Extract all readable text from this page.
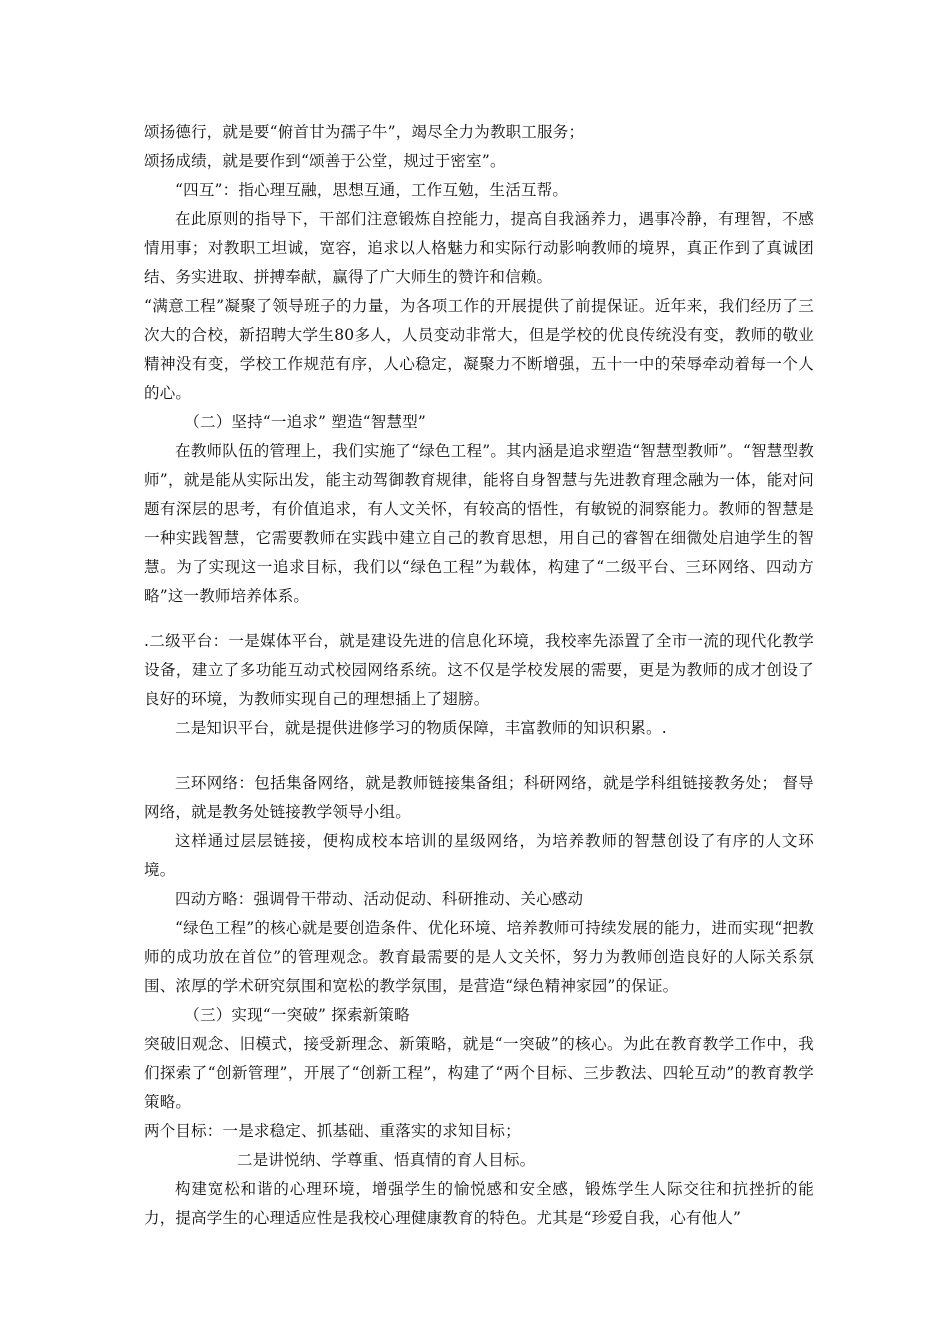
颂扬德行，就是要“俯首甘为孺子牛”，竭尽全力为教职工服务；

颂扬成绩，就是要作到“颂善于公堂，规过于密室”。

“四互”：指心理互融，思想互通，工作互勉，生活互帮。

在此原则的指导下，干部们注意锻炼自控能力，提高自我涵养力，遇事冷静，有理智，不感情用事；对教职工坦诚，宽容，追求以人格魅力和实际行动影响教师的境界，真正作到了真诚团结、务实进取、拼搏奉献，赢得了广大师生的赞许和信赖。

“满意工程”凝聚了领导班子的力量，为各项工作的开展提供了前提保证。近年来，我们经历了三次大的合校，新招聘大学生80多人，人员变动非常大，但是学校的优良传统没有变，教师的敬业精神没有变，学校工作规范有序，人心稳定，凝聚力不断增强，五十一中的荣辱牵动着每一个人的心。

（二）坚持“一追求” 塑造“智慧型”

在教师队伍的管理上，我们实施了“绿色工程”。其内涵是追求塑造“智慧型教师”。“智慧型教师”，就是能从实际出发，能主动驾御教育规律，能将自身智慧与先进教育理念融为一体，能对问题有深层的思考，有价值追求，有人文关怀，有较高的悟性，有敏锐的洞察能力。教师的智慧是一种实践智慧，它需要教师在实践中建立自己的教育思想，用自己的睿智在细微处启迪学生的智慧。为了实现这一追求目标，我们以“绿色工程”为载体，构建了“二级平台、三环网络、四动方略”这一教师培养体系。

.二级平台：一是媒体平台，就是建设先进的信息化环境，我校率先添置了全市一流的现代化教学设备，建立了多功能互动式校园网络系统。这不仅是学校发展的需要，更是为教师的成才创设了良好的环境，为教师实现自己的理想插上了翅膀。

二是知识平台，就是提供进修学习的物质保障，丰富教师的知识积累。.

三环网络：包括集备网络，就是教师链接集备组；科研网络，就是学科组链接教务处； 督导网络，就是教务处链接教学领导小组。

这样通过层层链接，便构成校本培训的星级网络，为培养教师的智慧创设了有序的人文环境。

四动方略：强调骨干带动、活动促动、科研推动、关心感动

“绿色工程”的核心就是要创造条件、优化环境、培养教师可持续发展的能力，进而实现“把教师的成功放在首位”的管理观念。教育最需要的是人文关怀，努力为教师创造良好的人际关系氛围、浓厚的学术研究氛围和宽松的教学氛围，是营造“绿色精神家园”的保证。

（三）实现“一突破” 探索新策略

突破旧观念、旧模式，接受新理念、新策略，就是“一突破”的核心。为此在教育教学工作中，我们探索了“创新管理”，开展了“创新工程”，构建了“两个目标、三步教法、四轮互动”的教育教学策略。

两个目标：一是求稳定、抓基础、重落实的求知目标；

二是讲悦纳、学尊重、悟真情的育人目标。

构建宽松和谐的心理环境，增强学生的愉悦感和安全感，锻炼学生人际交往和抗挫折的能力，提高学生的心理适应性是我校心理健康教育的特色。尤其是“珍爱自我，心有他人”
